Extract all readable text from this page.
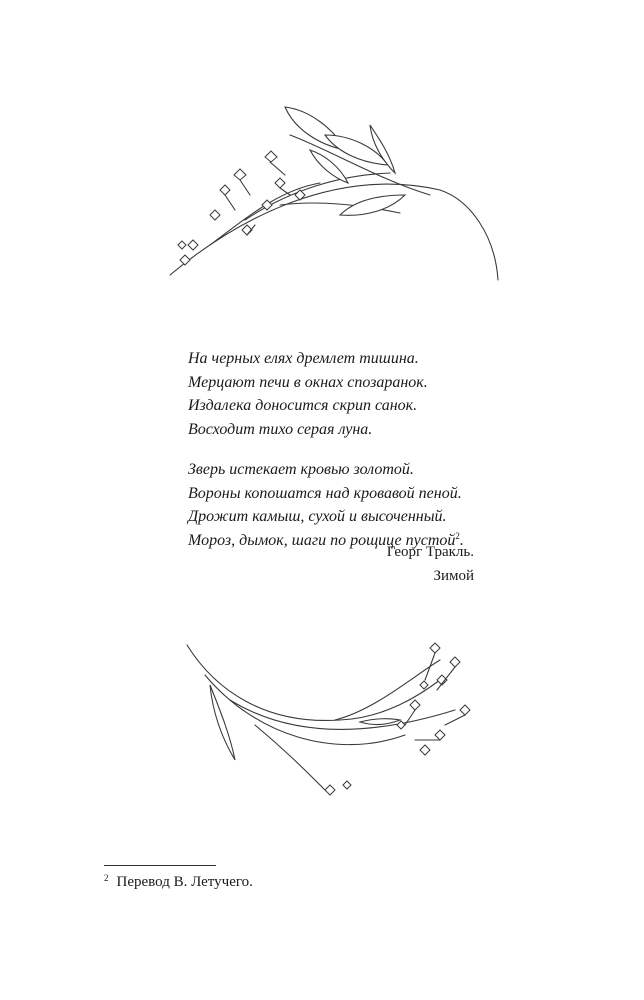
На черных елях дремлет тишина.
Мерцают печи в окнах спозаранок.
Издалека доносится скрип санок.
Восходит тихо серая луна.

Зверь истекает кровью золотой.
Вороны копошатся над кровавой пеной.
Дрожит камыш, сухой и высоченный.
Мороз, дымок, шаги по рощице пустой$^2$.

Георг Тракль.
Зимой
$^2$ Перевод В. Летучего.
